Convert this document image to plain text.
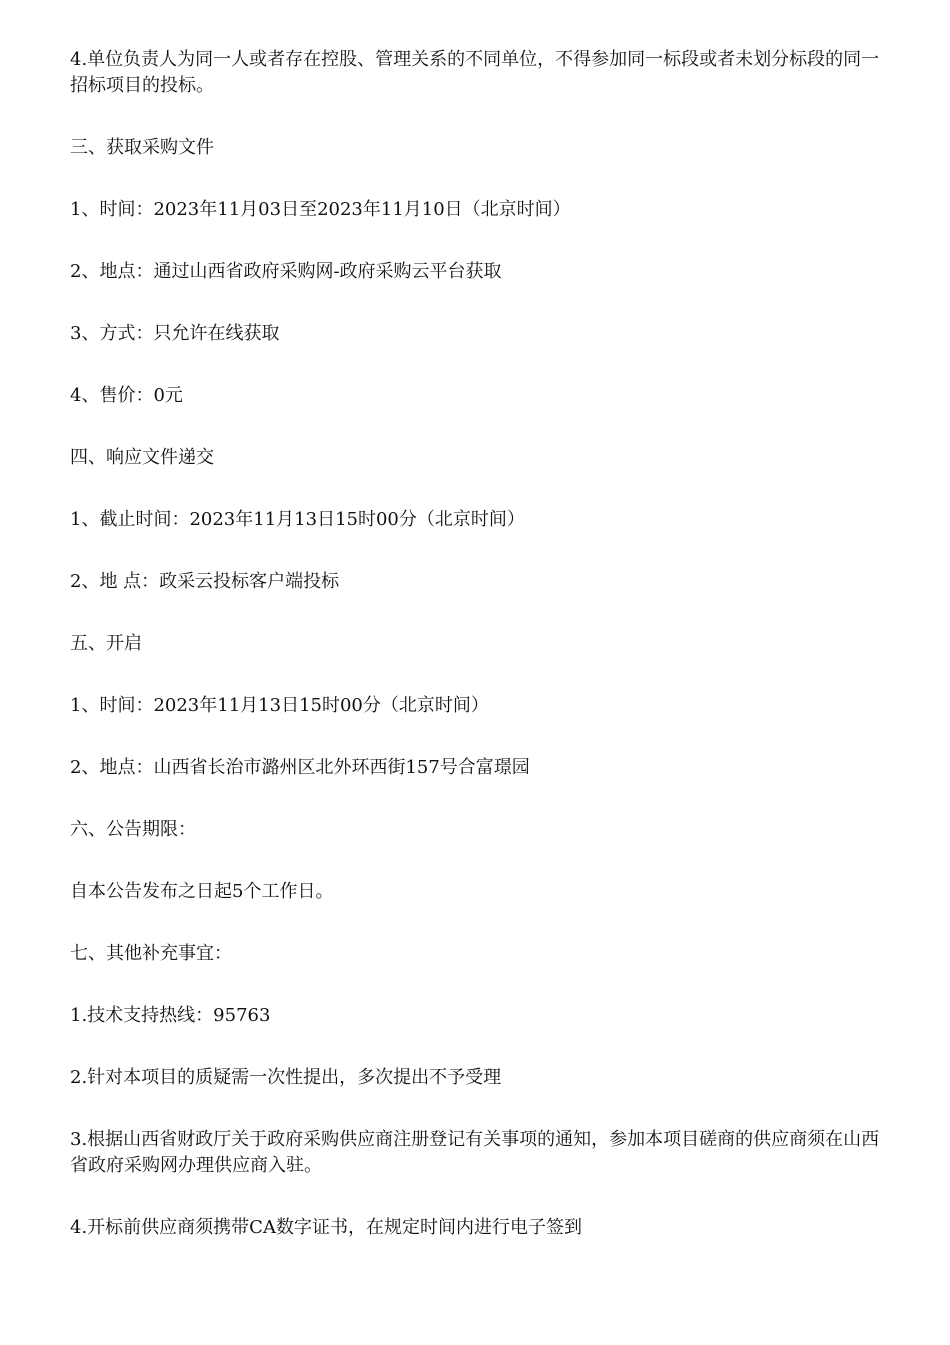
4.单位负责人为同一人或者存在控股、管理关系的不同单位，不得参加同一标段或者未划分标段的同一招标项目的投标。

三、获取采购文件

1、时间：2023年11月03日至2023年11月10日（北京时间）

2、地点：通过山西省政府采购网-政府采购云平台获取

3、方式：只允许在线获取

4、售价：0元

四、响应文件递交

1、截止时间：2023年11月13日15时00分（北京时间）

2、地 点：政采云投标客户端投标

五、开启

1、时间：2023年11月13日15时00分（北京时间）

2、地点：山西省长治市潞州区北外环西街157号合富璟园

六、公告期限：

自本公告发布之日起5个工作日。

七、其他补充事宜：

1.技术支持热线：95763

2.针对本项目的质疑需一次性提出，多次提出不予受理

3.根据山西省财政厅关于政府采购供应商注册登记有关事项的通知，参加本项目磋商的供应商须在山西省政府采购网办理供应商入驻。

4.开标前供应商须携带CA数字证书，在规定时间内进行电子签到
